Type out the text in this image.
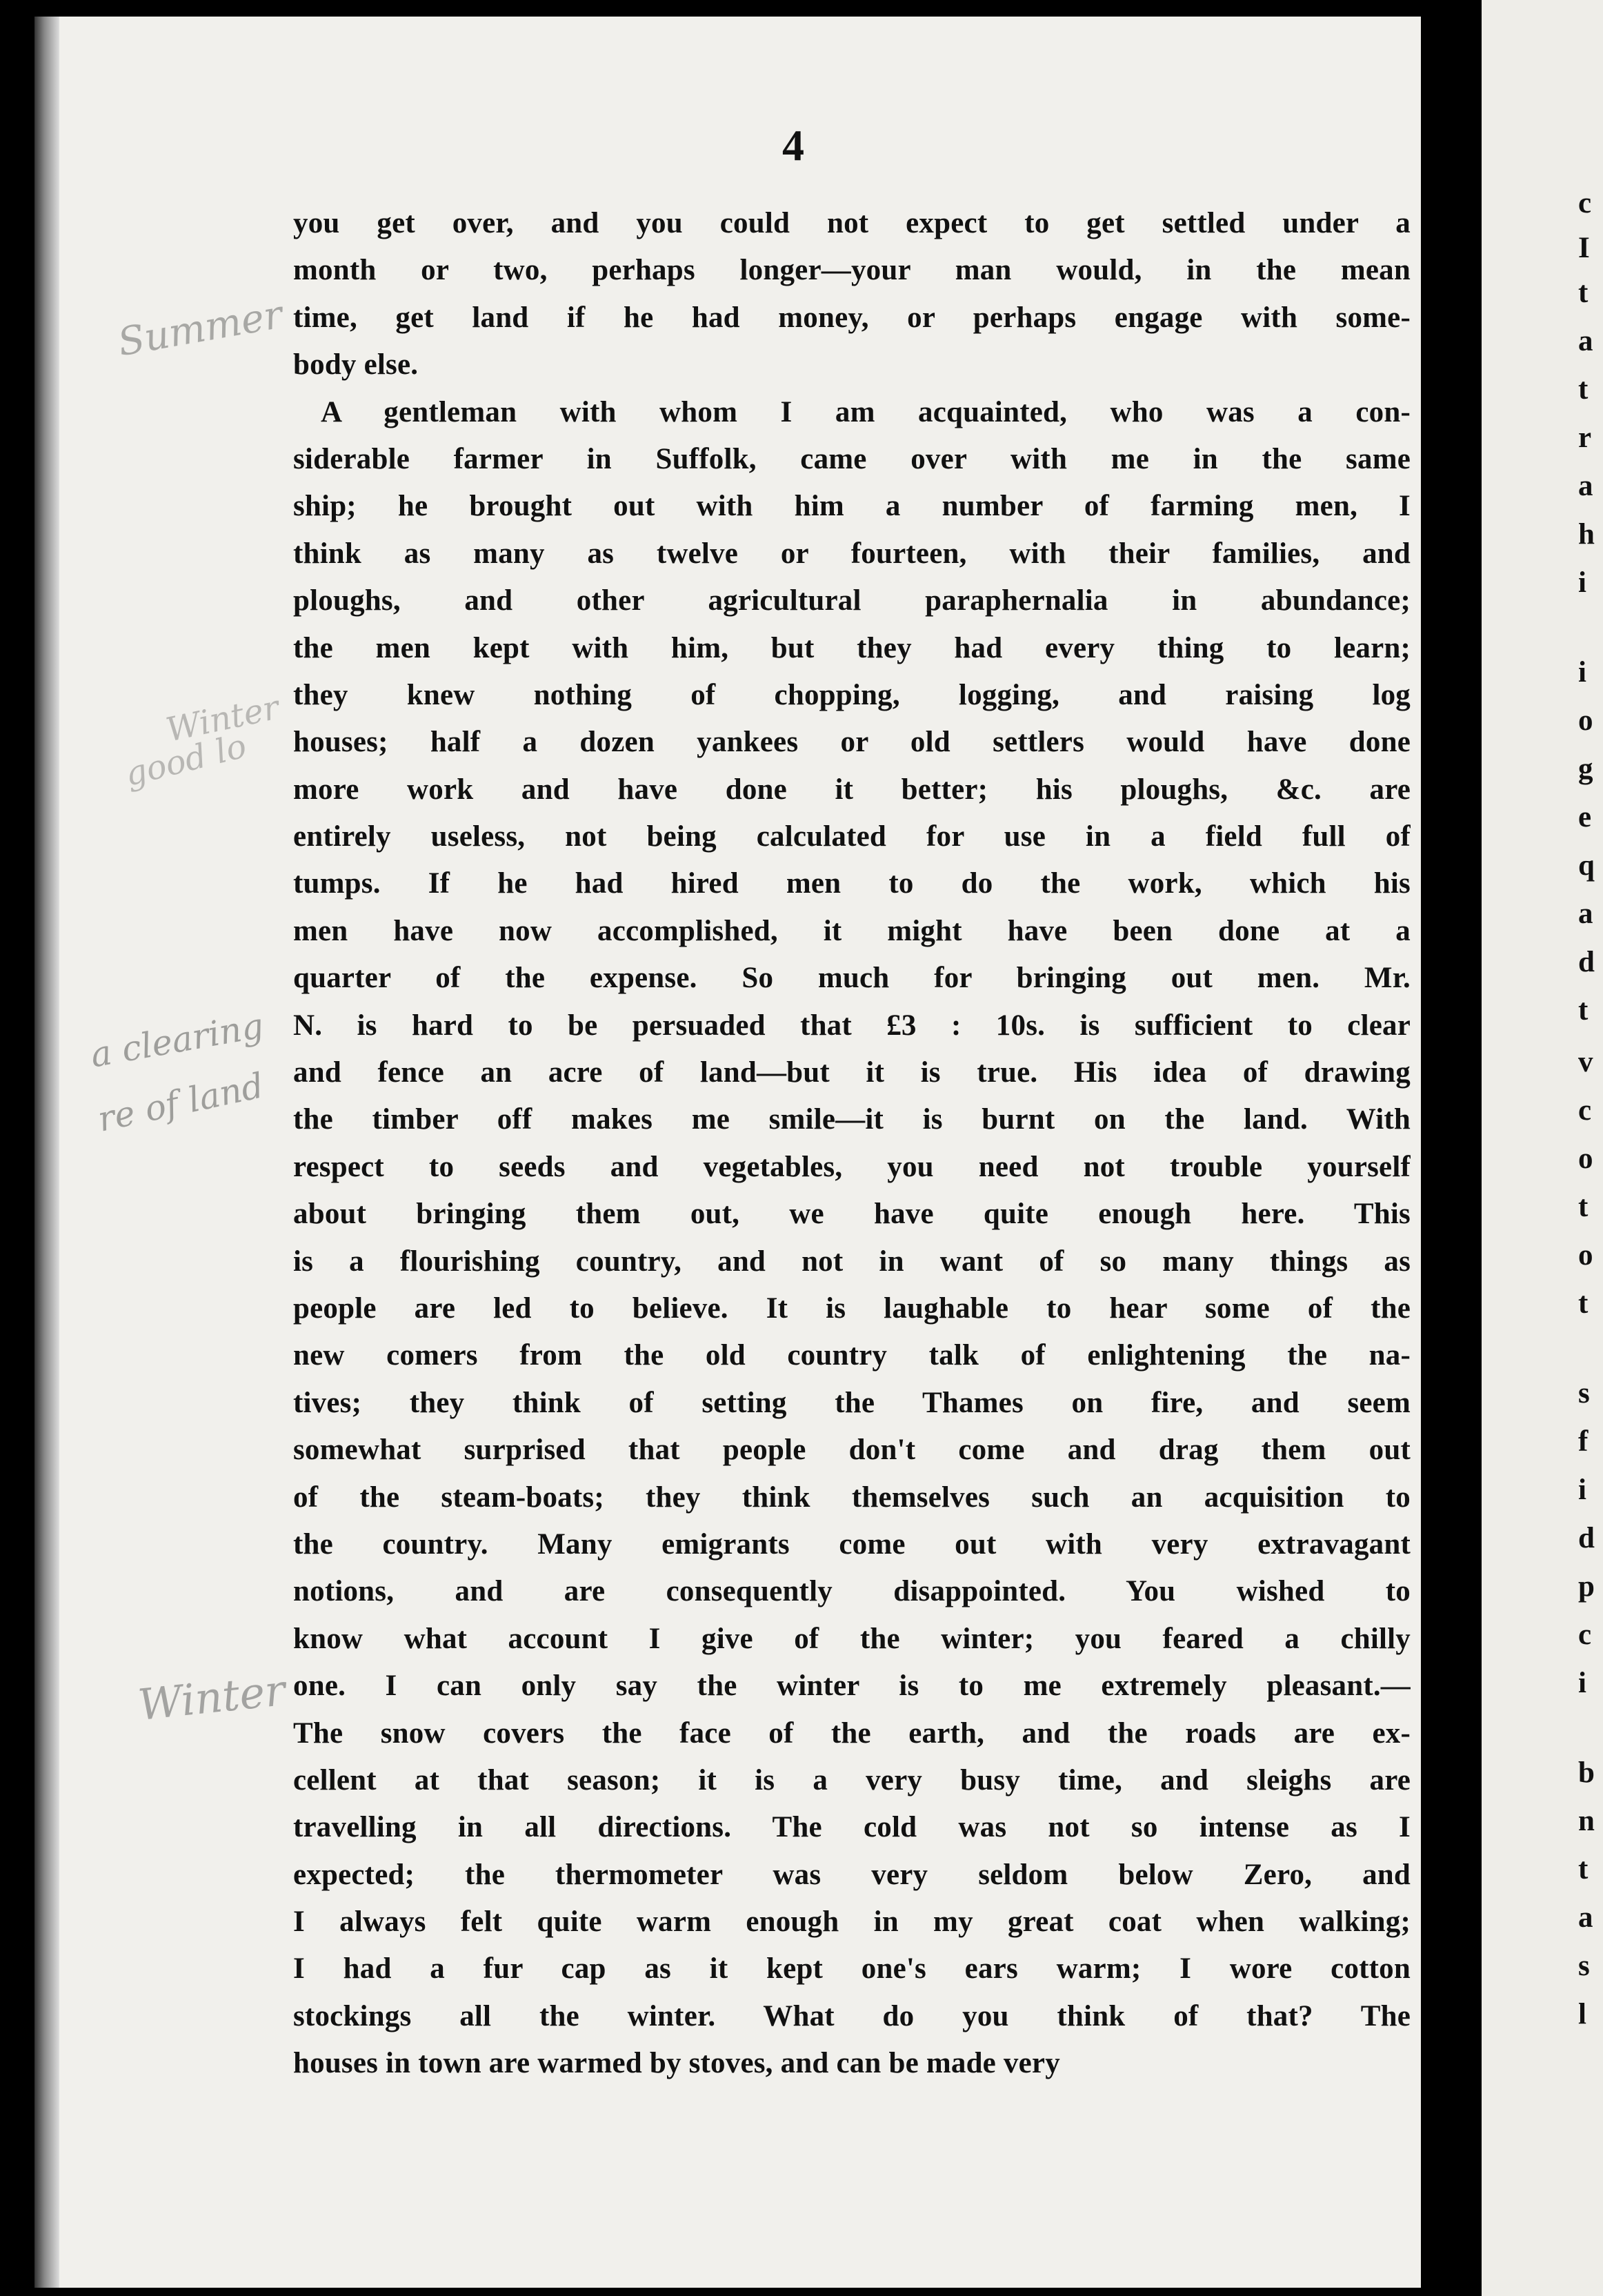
4
Summer
Winter
good lo
a clearing
re of land
Winter
you get over, and you could not expect to get settled under a
month or two, perhaps longer—your man would, in the mean
time, get land if he had money, or perhaps engage with some-
body else.
A gentleman with whom I am acquainted, who was a con-
siderable farmer in Suffolk, came over with me in the same
ship; he brought out with him a number of farming men, I
think as many as twelve or fourteen, with their families, and
ploughs, and other agricultural paraphernalia in abundance;
the men kept with him, but they had every thing to learn;
they knew nothing of chopping, logging, and raising log
houses; half a dozen yankees or old settlers would have done
more work and have done it better; his ploughs, &c. are
entirely useless, not being calculated for use in a field full of
tumps. If he had hired men to do the work, which his
men have now accomplished, it might have been done at a
quarter of the expense. So much for bringing out men. Mr.
N. is hard to be persuaded that £3 : 10s. is sufficient to clear
and fence an acre of land—but it is true. His idea of drawing
the timber off makes me smile—it is burnt on the land. With
respect to seeds and vegetables, you need not trouble yourself
about bringing them out, we have quite enough here. This
is a flourishing country, and not in want of so many things as
people are led to believe. It is laughable to hear some of the
new comers from the old country talk of enlightening the na-
tives; they think of setting the Thames on fire, and seem
somewhat surprised that people don't come and drag them out
of the steam-boats; they think themselves such an acquisition to
the country. Many emigrants come out with very extravagant
notions, and are consequently disappointed. You wished to
know what account I give of the winter; you feared a chilly
one. I can only say the winter is to me extremely pleasant.—
The snow covers the face of the earth, and the roads are ex-
cellent at that season; it is a very busy time, and sleighs are
travelling in all directions. The cold was not so intense as I
expected; the thermometer was very seldom below Zero, and
I always felt quite warm enough in my great coat when walking;
I had a fur cap as it kept one's ears warm; I wore cotton
stockings all the winter. What do you think of that? The
houses in town are warmed by stoves, and can be made very
c
I
t
a
t
r
a
h
i
i
o
g
e
q
a
d
t
v
c
o
t
o
t
s
f
i
d
p
c
i
b
n
t
a
s
l
